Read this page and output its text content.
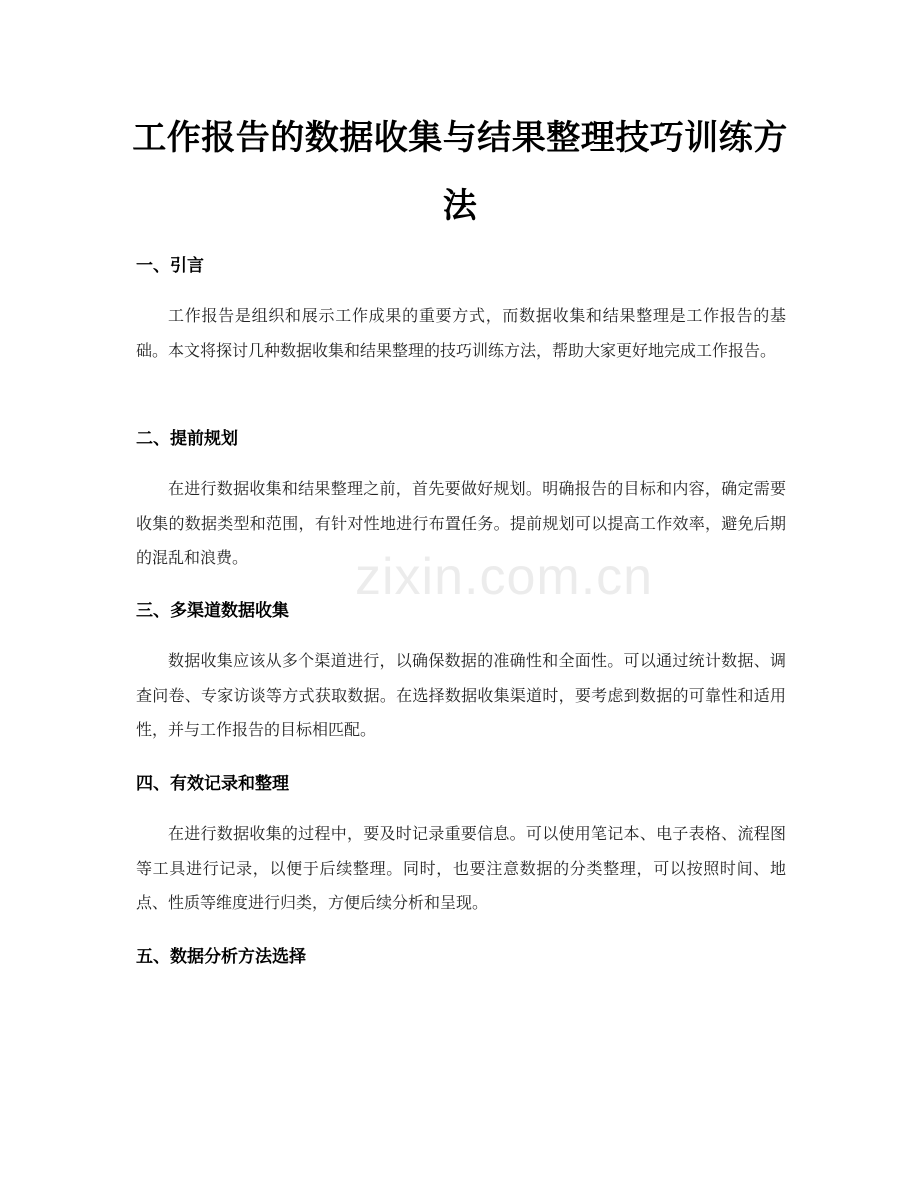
工作报告的数据收集与结果整理技巧训练方法
一、引言

工作报告是组织和展示工作成果的重要方式，而数据收集和结果整理是工作报告的基础。本文将探讨几种数据收集和结果整理的技巧训练方法，帮助大家更好地完成工作报告。

二、提前规划

在进行数据收集和结果整理之前，首先要做好规划。明确报告的目标和内容，确定需要收集的数据类型和范围，有针对性地进行布置任务。提前规划可以提高工作效率，避免后期的混乱和浪费。

三、多渠道数据收集

数据收集应该从多个渠道进行，以确保数据的准确性和全面性。可以通过统计数据、调查问卷、专家访谈等方式获取数据。在选择数据收集渠道时，要考虑到数据的可靠性和适用性，并与工作报告的目标相匹配。

四、有效记录和整理

在进行数据收集的过程中，要及时记录重要信息。可以使用笔记本、电子表格、流程图等工具进行记录，以便于后续整理。同时，也要注意数据的分类整理，可以按照时间、地点、性质等维度进行归类，方便后续分析和呈现。

五、数据分析方法选择
zixin.com.cn
